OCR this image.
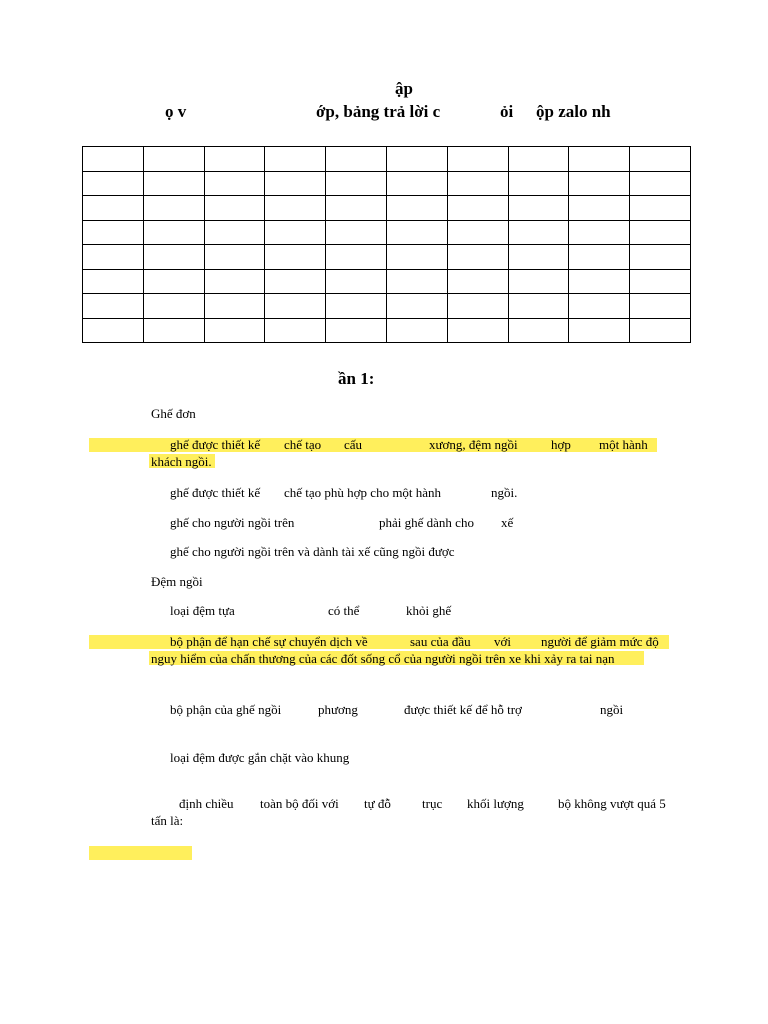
ập
ọ v	ớp, bảng trả lời c	ỏi ộp zalo nh

ần 1:
Ghế đơn
ghế được thiết kế chế tạo cấu	xương, đệm ngồi	hợp một hành
khách ngồi.
ghế được thiết kế chế tạo phù hợp cho một hành	ngồi.
ghế cho người ngồi trên	phải ghế dành cho xế
ghế cho người ngồi trên và dành tài xế cũng ngồi được
Đệm ngồi
loại đệm tựa	có thể	khỏi ghế
bộ phận để hạn chế sự chuyển dịch về	sau của đầu với người để giảm mức độ
nguy hiểm của chấn thương của các đốt sống cổ của người ngồi trên xe khi xảy ra tai nạn
bộ phận của ghế ngồi	phương	được thiết kế để hỗ trợ	ngồi
loại đệm được gắn chặt vào khung
định chiều toàn bộ đối với tự đỗ trục khối lượng	bộ không vượt quá 5
tấn là:
